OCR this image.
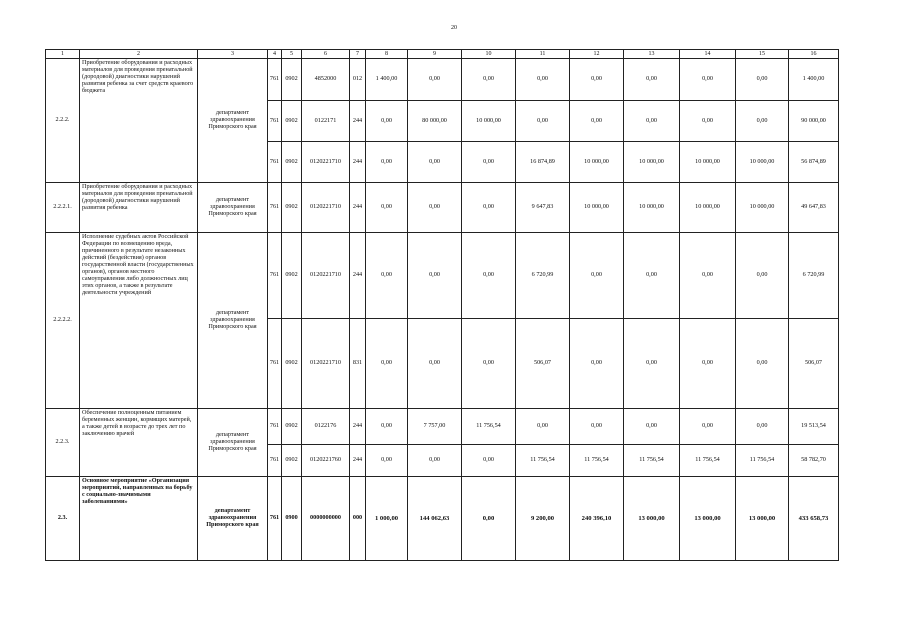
20
1	2	3	4	5	6	7	8	9	10	11	12	13	14	15	16
2.2.2.	Приобретение оборудования и расходных материалов для проведения пренатальной (дородовой) диагностики нарушений развития ребенка за счет средств краевого бюджета	департамент здравоохранения Приморского края	761	0902	4852000	012	1 400,00	0,00	0,00	0,00	0,00	0,00	0,00	0,00	1 400,00
			761	0902	0122171	244	0,00	80 000,00	10 000,00	0,00	0,00	0,00	0,00	0,00	90 000,00
			761	0902	0120221710	244	0,00	0,00	0,00	16 874,89	10 000,00	10 000,00	10 000,00	10 000,00	56 874,89
2.2.2.1.	Приобретение оборудования и расходных материалов для проведения пренатальной (дородовой) диагностики нарушений развития ребенка	департамент здравоохранения Приморского края	761	0902	0120221710	244	0,00	0,00	0,00	9 647,83	10 000,00	10 000,00	10 000,00	10 000,00	49 647,83
2.2.2.2.	Исполнение судебных актов Российской Федерации по возмещению вреда, причиненного в результате незаконных действий (бездействия) органов государственной власти (государственных органов), органов местного самоуправления либо должностных лиц этих органов, а также в результате деятельности учреждений	департамент здравоохранения Приморского края	761	0902	0120221710	244	0,00	0,00	0,00	6 720,99	0,00	0,00	0,00	0,00	6 720,99
			761	0902	0120221710	831	0,00	0,00	0,00	506,07	0,00	0,00	0,00	0,00	506,07
2.2.3.	Обеспечение полноценным питанием беременных женщин, кормящих матерей, а также детей в возрасте до трех лет по заключению врачей	департамент здравоохранения Приморского края	761	0902	0122176	244	0,00	7 757,00	11 756,54	0,00	0,00	0,00	0,00	0,00	19 513,54
			761	0902	0120221760	244	0,00	0,00	0,00	11 756,54	11 756,54	11 756,54	11 756,54	11 756,54	58 782,70
2.3.	Основное мероприятие «Организация мероприятий, направленных на борьбу с социально-значимыми заболеваниями»	департамент здравоохранения Приморского края	761	0900	0000000000	000	1 000,00	144 062,63	0,00	9 200,00	240 396,10	13 000,00	13 000,00	13 000,00	433 658,73
